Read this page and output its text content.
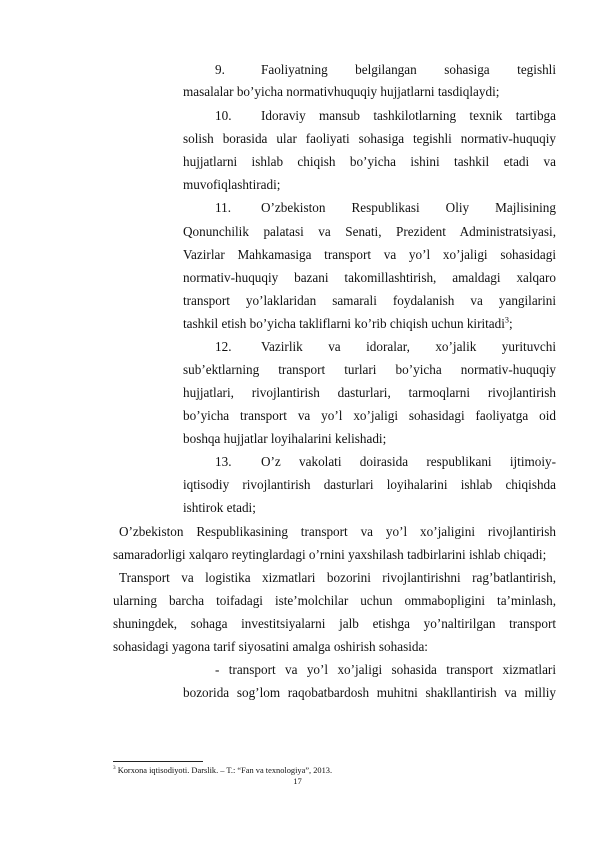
9.	Faoliyatning belgilangan sohasiga tegishli
masalalar bo’yicha normativhuquqiy hujjatlarni tasdiqlaydi;
10. Idoraviy mansub tashkilotlarning texnik tartibga
solish borasida ular faoliyati sohasiga tegishli normativ-huquqiy
hujjatlarni ishlab chiqish bo’yicha ishini tashkil etadi va
muvofiqlashtiradi;
11. O’zbekiston Respublikasi Oliy Majlisining
Qonunchilik palatasi va Senati, Prezident Administratsiyasi,
Vazirlar Mahkamasiga transport va yo’l xo’jaligi sohasidagi
normativ-huquqiy bazani takomillashtirish, amaldagi xalqaro
transport yo’laklaridan samarali foydalanish va yangilarini
tashkil etish bo’yicha takliflarni ko’rib chiqish uchun kiritadi$^3$;
12. Vazirlik va idoralar, xo’jalik yurituvchi
sub’ektlarning transport turlari bo’yicha normativ-huquqiy
hujjatlari, rivojlantirish dasturlari, tarmoqlarni rivojlantirish
bo’yicha transport va yo’l xo’jaligi sohasidagi faoliyatga oid
boshqa hujjatlar loyihalarini kelishadi;
13. O’z vakolati doirasida respublikani ijtimoiy-
iqtisodiy rivojlantirish dasturlari loyihalarini ishlab chiqishda
ishtirok etadi;
O’zbekiston Respublikasining transport va yo’l xo’jaligini rivojlantirish
samaradorligi xalqaro reytinglardagi o’rnini yaxshilash tadbirlarini ishlab chiqadi;
Transport va logistika xizmatlari bozorini rivojlantirishni rag’batlantirish,
ularning barcha toifadagi iste’molchilar uchun ommabopligini ta’minlash,
shuningdek, sohaga investitsiyalarni jalb etishga yo’naltirilgan transport
sohasidagi yagona tarif siyosatini amalga oshirish sohasida:
- transport va yo’l xo’jaligi sohasida transport xizmatlari
bozorida sog’lom raqobatbardosh muhitni shakllantirish va milliy
$^3$ Korxona iqtisodiyoti. Darslik. – T.: “Fan va texnologiya”, 2013.
17
